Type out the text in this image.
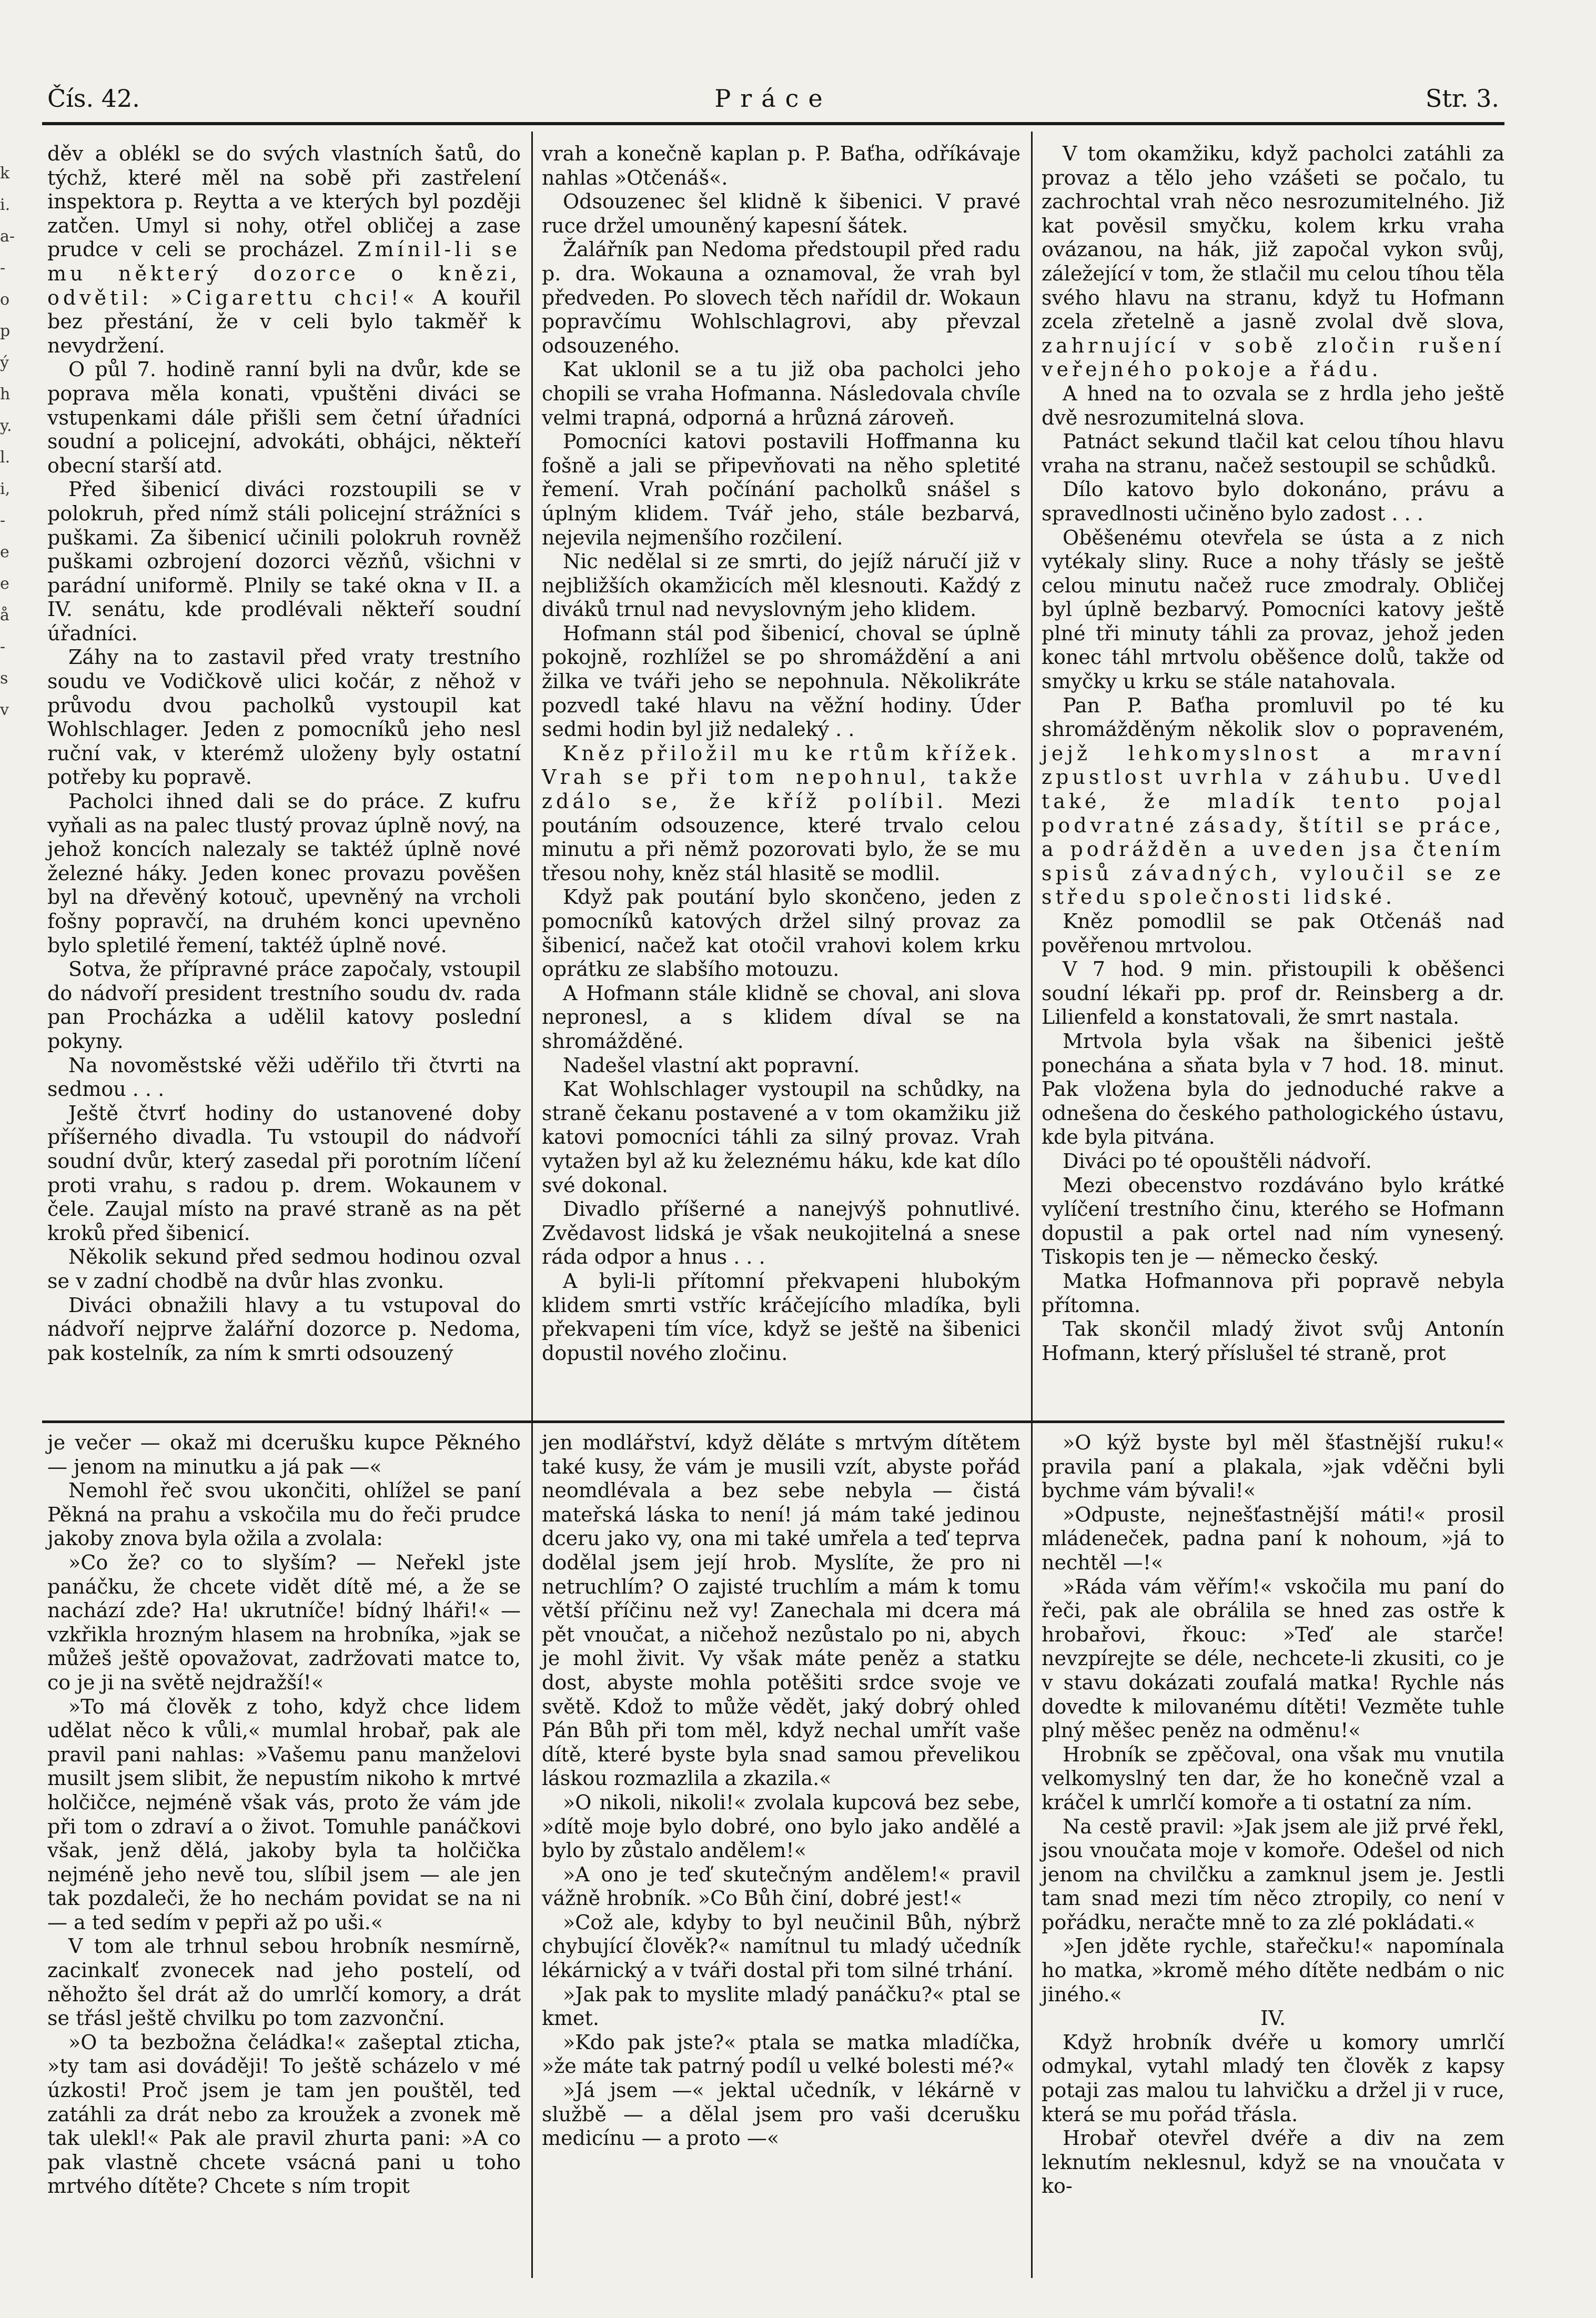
Čís. 42.	Práce	Str. 3.
k
i.
a-
-
o
p
ý
h
y.
l.
i,
-
e
e
å
-
s
v

děv a oblékl se do svých vlastních šatů, do týchž, které měl na sobě při zastřelení inspektora p. Reytta a ve kterých byl později zatčen. Umyl si nohy, otřel obličej a zase prudce v celi se procházel. Zmínil-li se mu některý dozorce o knězi, odvětil: »Cigarettu chci!« A kouřil bez přestání, že v celi bylo takměř k nevydržení.

O půl 7. hodině ranní byli na dvůr, kde se poprava měla konati, vpuštěni diváci se vstupenkami dále přišli sem četní úřadníci soudní a policejní, advokáti, obhájci, někteří obecní starší atd.

Před šibenicí diváci rozstoupili se v polokruh, před nímž stáli policejní strážníci s puškami. Za šibenicí učinili polokruh rovněž puškami ozbrojení dozorci vězňů, všichni v parádní uniformě. Plnily se také okna v II. a IV. senátu, kde prodlévali někteří soudní úřadníci.

Záhy na to zastavil před vraty trestního soudu ve Vodičkově ulici kočár, z něhož v průvodu dvou pacholků vystoupil kat Wohlschlager. Jeden z pomocníků jeho nesl ruční vak, v kterémž uloženy byly ostatní potřeby ku popravě.

Pacholci ihned dali se do práce. Z kufru vyňali as na palec tlustý provaz úplně nový, na jehož koncích nalezaly se taktéž úplně nové železné háky. Jeden konec provazu pověšen byl na dřevěný kotouč, upevněný na vrcholi fošny popravčí, na druhém konci upevněno bylo spletilé řemení, taktéž úplně nové.

Sotva, že přípravné práce započaly, vstoupil do nádvoří president trestního soudu dv. rada pan Procházka a udělil katovy poslední pokyny.

Na novoměstské věži uděřilo tři čtvrti na sedmou . . .

Ještě čtvrť hodiny do ustanovené doby příšerného divadla. Tu vstoupil do nádvoří soudní dvůr, který zasedal při porotním líčení proti vrahu, s radou p. drem. Wokaunem v čele. Zaujal místo na pravé straně as na pět kroků před šibenicí.

Několik sekund před sedmou hodinou ozval se v zadní chodbě na dvůr hlas zvonku.

Diváci obnažili hlavy a tu vstupoval do nádvoří nejprve žalářní dozorce p. Nedoma, pak kostelník, za ním k smrti odsouzený

vrah a konečně kaplan p. P. Baťha, odříkávaje nahlas »Otčenáš«.

Odsouzenec šel klidně k šibenici. V pravé ruce držel umouněný kapesní šátek.

Žalářník pan Nedoma předstoupil před radu p. dra. Wokauna a oznamoval, že vrah byl předveden. Po slovech těch nařídil dr. Wokaun popravčímu Wohlschlagrovi, aby převzal odsouzeného.

Kat uklonil se a tu již oba pacholci jeho chopili se vraha Hofmanna. Následovala chvíle velmi trapná, odporná a hrůzná zároveň.

Pomocníci katovi postavili Hoffmanna ku fošně a jali se připevňovati na něho spletité řemení. Vrah počínání pacholků snášel s úplným klidem. Tvář jeho, stále bezbarvá, nejevila nejmenšího rozčilení.

Nic nedělal si ze smrti, do jejíž náručí již v nejbližších okamžicích měl klesnouti. Každý z diváků trnul nad nevyslovným jeho klidem.

Hofmann stál pod šibenicí, choval se úplně pokojně, rozhlížel se po shromáždění a ani žilka ve tváři jeho se nepohnula. Několikráte pozvedl také hlavu na věžní hodiny. Úder sedmi hodin byl již nedaleký . .

Kněz přiložil mu ke rtům křížek. Vrah se při tom nepohnul, takže zdálo se, že kříž políbil. Mezi poutáním odsouzence, které trvalo celou minutu a při němž pozorovati bylo, že se mu třesou nohy, kněz stál hlasitě se modlil.

Když pak poutání bylo skončeno, jeden z pomocníků katových držel silný provaz za šibenicí, načež kat otočil vrahovi kolem krku oprátku ze slabšího motouzu.

A Hofmann stále klidně se choval, ani slova nepronesl, a s klidem díval se na shromážděné.

Nadešel vlastní akt popravní.

Kat Wohlschlager vystoupil na schůdky, na straně čekanu postavené a v tom okamžiku již katovi pomocníci táhli za silný provaz. Vrah vytažen byl až ku železnému háku, kde kat dílo své dokonal.

Divadlo příšerné a nanejvýš pohnutlivé. Zvědavost lidská je však neukojitelná a snese ráda odpor a hnus . . .

A byli-li přítomní překvapeni hlubokým klidem smrti vstříc kráčejícího mladíka, byli překvapeni tím více, když se ještě na šibenici dopustil nového zločinu.

V tom okamžiku, když pacholci zatáhli za provaz a tělo jeho vzášeti se počalo, tu zachrochtal vrah něco nesrozumitelného. Již kat pověsil smyčku, kolem krku vraha ovázanou, na hák, již započal vykon svůj, záležející v tom, že stlačil mu celou tíhou těla svého hlavu na stranu, když tu Hofmann zcela zřetelně a jasně zvolal dvě slova, zahrnující v sobě zločin rušení veřejného pokoje a řádu.

A hned na to ozvala se z hrdla jeho ještě dvě nesrozumitelná slova.

Patnáct sekund tlačil kat celou tíhou hlavu vraha na stranu, načež sestoupil se schůdků.

Dílo katovo bylo dokonáno, právu a spravedlnosti učiněno bylo zadost . . .

Oběšenému otevřela se ústa a z nich vytékaly sliny. Ruce a nohy třásly se ještě celou minutu načež ruce zmodraly. Obličej byl úplně bezbarvý. Pomocníci katovy ještě plné tři minuty táhli za provaz, jehož jeden konec táhl mrtvolu oběšence dolů, takže od smyčky u krku se stále natahovala.

Pan P. Baťha promluvil po té ku shromážděným několik slov o popraveném, jejž lehkomyslnost a mravní zpustlost uvrhla v záhubu. Uvedl také, že mladík tento pojal podvratné zásady, štítil se práce, a podrážděn a uveden jsa čtením spisů závadných, vyloučil se ze středu společnosti lidské.

Kněz pomodlil se pak Otčenáš nad pověřenou mrtvolou.

V 7 hod. 9 min. přistoupili k oběšenci soudní lékaři pp. prof dr. Reinsberg a dr. Lilienfeld a konstatovali, že smrt nastala.

Mrtvola byla však na šibenici ještě ponechána a sňata byla v 7 hod. 18. minut. Pak vložena byla do jednoduché rakve a odnešena do českého pathologického ústavu, kde byla pitvána.

Diváci po té opouštěli nádvoří.

Mezi obecenstvo rozdáváno bylo krátké vylíčení trestního činu, kterého se Hofmann dopustil a pak ortel nad ním vynesený. Tiskopis ten je — německo český.

Matka Hofmannova při popravě nebyla přítomna.

Tak skončil mladý život svůj Antonín Hofmann, který příslušel té straně, prot

je večer — okaž mi dcerušku kupce Pěkného — jenom na minutku a já pak —«

Nemohl řeč svou ukončiti, ohlížel se paní Pěkná na prahu a vskočila mu do řeči prudce jakoby znova byla ožila a zvolala:

»Co že? co to slyším? — Neřekl jste panáčku, že chcete vidět dítě mé, a že se nachází zde? Ha! ukrutníče! bídný lháři!« — vzkřikla hrozným hlasem na hrobníka, »jak se můžeš ještě opovažovat, zadržovati matce to, co je ji na světě nejdražší!«

»To má člověk z toho, když chce lidem udělat něco k vůli,« mumlal hrobař, pak ale pravil pani nahlas: »Vašemu panu manželovi musilt jsem slibit, že nepustím nikoho k mrtvé holčičce, nejméně však vás, proto že vám jde při tom o zdraví a o život. Tomuhle panáčkovi však, jenž dělá, jakoby byla ta holčička nejméně jeho nevě tou, slíbil jsem — ale jen tak pozdaleči, že ho nechám povidat se na ni — a ted sedím v pepři až po uši.«

V tom ale trhnul sebou hrobník nesmírně, zacinkalť zvonecek nad jeho postelí, od něhožto šel drát až do umrlčí komory, a drát se třásl ještě chvilku po tom zazvonční.

»O ta bezbožna čeládka!« zašeptal zticha, »ty tam asi dováději! To ještě scházelo v mé úzkosti! Proč jsem je tam jen pouštěl, ted zatáhli za drát nebo za kroužek a zvonek mě tak ulekl!« Pak ale pravil zhurta pani: »A co pak vlastně chcete vsácná pani u toho mrtvého dítěte? Chcete s ním tropit

jen modlářství, když děláte s mrtvým dítětem také kusy, že vám je musili vzít, abyste pořád neomdlévala a bez sebe nebyla — čistá mateřská láska to není! já mám také jedinou dceru jako vy, ona mi také umřela a teď teprva dodělal jsem její hrob. Myslíte, že pro ni netruchlím? O zajisté truchlím a mám k tomu větší příčinu než vy! Zanechala mi dcera má pět vnoučat, a ničehož nezůstalo po ni, abych je mohl živit. Vy však máte peněz a statku dost, abyste mohla potěšiti srdce svoje ve světě. Kdož to může vědět, jaký dobrý ohled Pán Bůh při tom měl, když nechal umřít vaše dítě, které byste byla snad samou převelikou láskou rozmazlila a zkazila.«

»O nikoli, nikoli!« zvolala kupcová bez sebe, »dítě moje bylo dobré, ono bylo jako andělé a bylo by zůstalo andělem!«

»A ono je teď skutečným andělem!« pravil vážně hrobník. »Co Bůh činí, dobré jest!«

»Což ale, kdyby to byl neučinil Bůh, nýbrž chybující člověk?« namítnul tu mladý učedník lékárnický a v tváři dostal při tom silné trhání.

»Jak pak to myslite mladý panáčku?« ptal se kmet.

»Kdo pak jste?« ptala se matka mladíčka, »že máte tak patrný podíl u velké bolesti mé?«

»Já jsem —« jektal učedník, v lékárně v službě — a dělal jsem pro vaši dcerušku medicínu — a proto —«

»O kýž byste byl měl šťastnější ruku!« pravila paní a plakala, »jak vděčni byli bychme vám bývali!«

»Odpuste, nejnešťastnější máti!« prosil mládeneček, padna paní k nohoum, »já to nechtěl —!«

»Ráda vám věřím!« vskočila mu paní do řeči, pak ale obrálila se hned zas ostře k hrobařovi, řkouc: »Teď ale starče! nevzpírejte se déle, nechcete-li zkusiti, co je v stavu dokázati zoufalá matka! Rychle nás dovedte k milovanému dítěti! Vezměte tuhle plný měšec peněz na odměnu!«

Hrobník se zpěčoval, ona však mu vnutila velkomyslný ten dar, že ho konečně vzal a kráčel k umrlčí komoře a ti ostatní za ním.

Na cestě pravil: »Jak jsem ale již prvé řekl, jsou vnoučata moje v komoře. Odešel od nich jenom na chvilčku a zamknul jsem je. Jestli tam snad mezi tím něco ztropily, co není v pořádku, neračte mně to za zlé pokládati.«

»Jen jděte rychle, stařečku!« napomínala ho matka, »kromě mého dítěte nedbám o nic jiného.«

IV.

Když hrobník dvéře u komory umrlčí odmykal, vytahl mladý ten člověk z kapsy potaji zas malou tu lahvičku a držel ji v ruce, která se mu pořád třásla.

Hrobař otevřel dvéře a div na zem leknutím neklesnul, když se na vnoučata v ko-
